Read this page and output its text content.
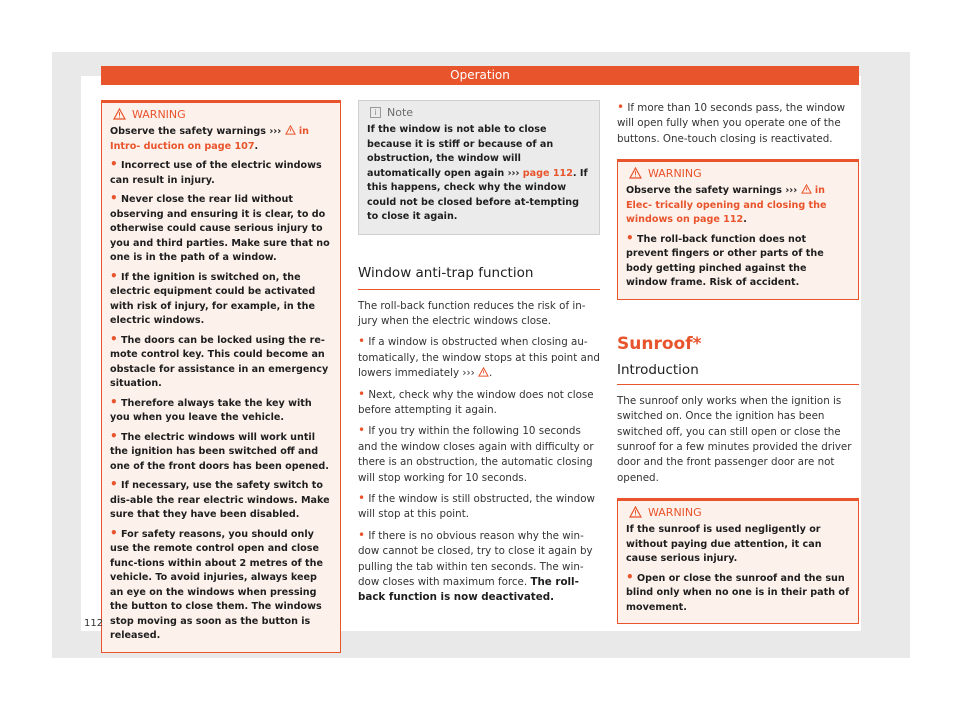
Operation
WARNING

Observe the safety warnings ››› in Intro- duction on page 107.

• Incorrect use of the electric windows can result in injury.

• Never close the rear lid without observing and ensuring it is clear, to do otherwise could cause serious injury to you and third parties. Make sure that no one is in the path of a window.

• If the ignition is switched on, the electric equipment could be activated with risk of injury, for example, in the electric windows.

• The doors can be locked using the re-mote control key. This could become an obstacle for assistance in an emergency situation.

• Therefore always take the key with you when you leave the vehicle.

• The electric windows will work until the ignition has been switched off and one of the front doors has been opened.

• If necessary, use the safety switch to dis-able the rear electric windows. Make sure that they have been disabled.

• For safety reasons, you should only use the remote control open and close func-tions within about 2 metres of the vehicle. To avoid injuries, always keep an eye on the windows when pressing the button to close them. The windows stop moving as soon as the button is released.

i Note

If the window is not able to close because it is stiff or because of an obstruction, the window will automatically open again ››› page 112. If this happens, check why the window could not be closed before at-tempting to close it again.

Window anti-trap function

The roll-back function reduces the risk of in-jury when the electric windows close.

• If a window is obstructed when closing au-tomatically, the window stops at this point and lowers immediately ››› .

• Next, check why the window does not close before attempting it again.

• If you try within the following 10 seconds and the window closes again with difficulty or there is an obstruction, the automatic closing will stop working for 10 seconds.

• If the window is still obstructed, the window will stop at this point.

• If there is no obvious reason why the win-dow cannot be closed, try to close it again by pulling the tab within ten seconds. The win-dow closes with maximum force. The roll-back function is now deactivated.

• If more than 10 seconds pass, the window will open fully when you operate one of the buttons. One-touch closing is reactivated.

WARNING

Observe the safety warnings ››› in Elec- trically opening and closing the windows on page 112.

• The roll-back function does not prevent fingers or other parts of the body getting pinched against the window frame. Risk of accident.

Sunroof*
Introduction

The sunroof only works when the ignition is switched on. Once the ignition has been switched off, you can still open or close the sunroof for a few minutes provided the driver door and the front passenger door are not opened.

WARNING

If the sunroof is used negligently or without paying due attention, it can cause serious injury.

• Open or close the sunroof and the sun blind only when no one is in their path of movement.

112
